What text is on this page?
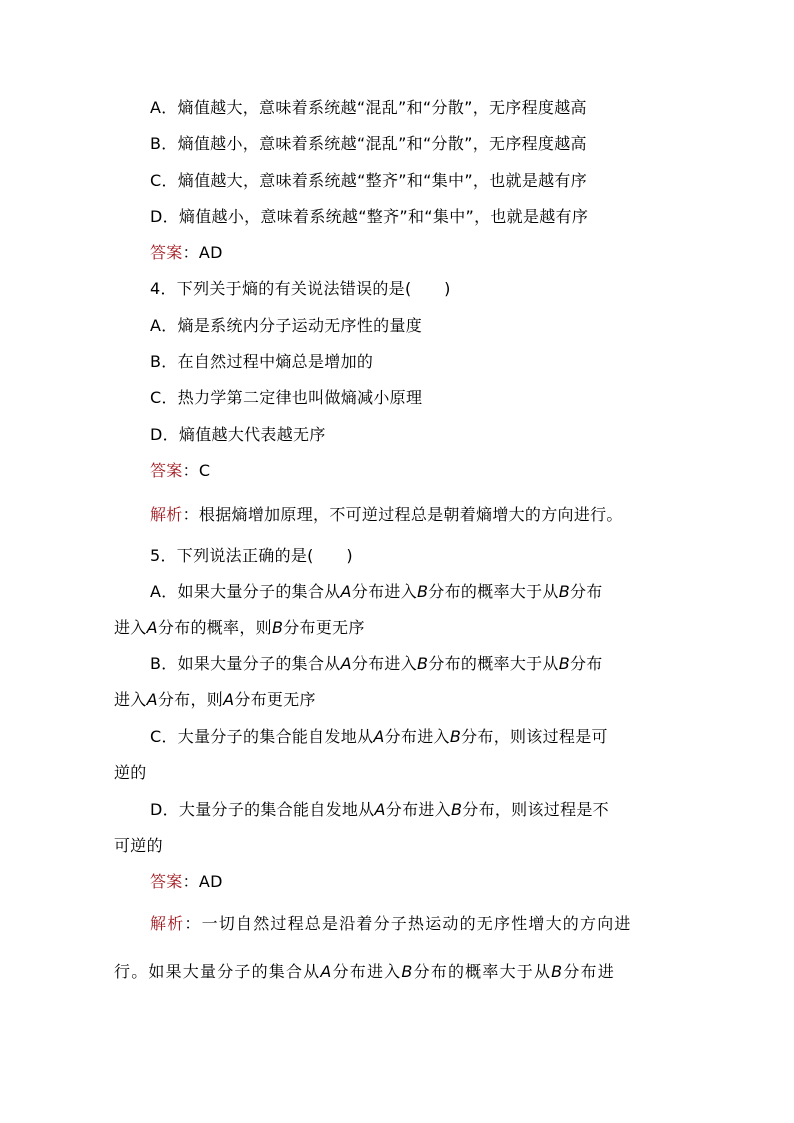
A．熵值越大，意味着系统越“混乱”和“分散”，无序程度越高
B．熵值越小，意味着系统越“混乱”和“分散”，无序程度越高
C．熵值越大，意味着系统越“整齐”和“集中”，也就是越有序
D．熵值越小，意味着系统越“整齐”和“集中”，也就是越有序
答案：AD
4．下列关于熵的有关说法错误的是(　　)
A．熵是系统内分子运动无序性的量度
B．在自然过程中熵总是增加的
C．热力学第二定律也叫做熵减小原理
D．熵值越大代表越无序
答案：C
解析：根据熵增加原理，不可逆过程总是朝着熵增大的方向进行。
5．下列说法正确的是(　　)
A．如果大量分子的集合从A分布进入B分布的概率大于从B分布
进入A分布的概率，则B分布更无序
B．如果大量分子的集合从A分布进入B分布的概率大于从B分布
进入A分布，则A分布更无序
C．大量分子的集合能自发地从A分布进入B分布，则该过程是可
逆的
D．大量分子的集合能自发地从A分布进入B分布，则该过程是不
可逆的
答案：AD
解析：一切自然过程总是沿着分子热运动的无序性增大的方向进
行。如果大量分子的集合从A分布进入B分布的概率大于从B分布进
